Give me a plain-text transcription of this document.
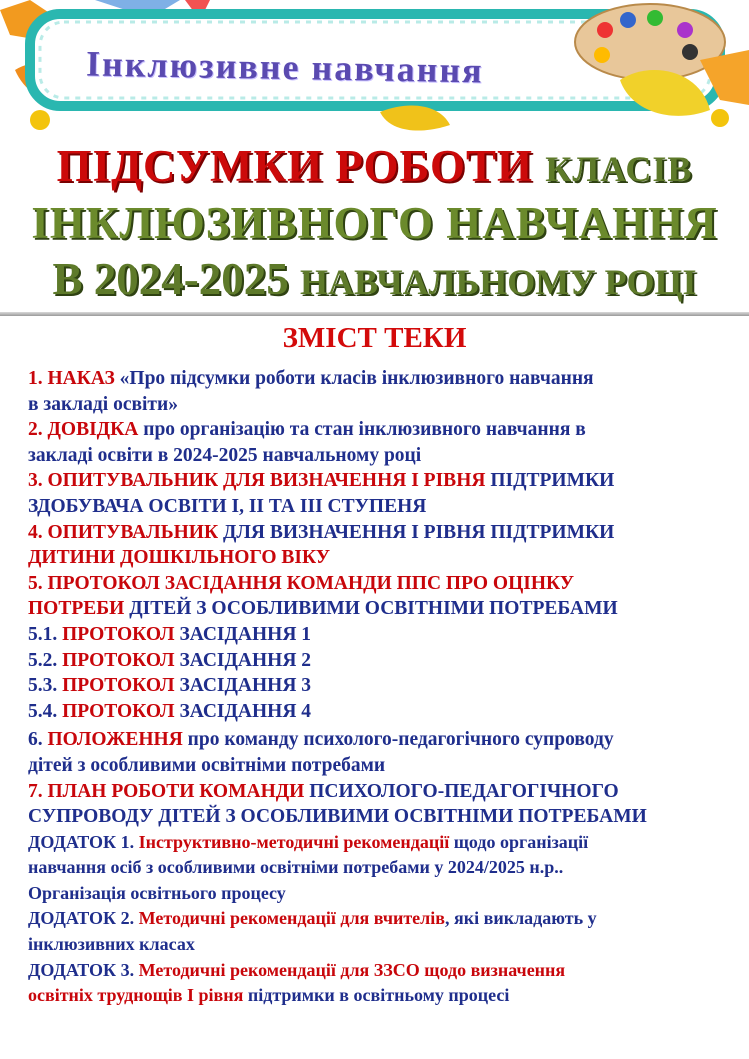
Інклюзивне навчання
ПІДСУМКИ РОБОТИ КЛАСІВ
ІНКЛЮЗИВНОГО НАВЧАННЯ
В 2024-2025 НАВЧАЛЬНОМУ РОЦІ
ЗМІСТ ТЕКИ

1. НАКАЗ «Про підсумки роботи класів інклюзивного навчання

в закладі освіти»

2. ДОВІДКА про організацію та стан інклюзивного навчання в

закладі освіти в 2024-2025 навчальному році

3. ОПИТУВАЛЬНИК ДЛЯ ВИЗНАЧЕННЯ І РІВНЯ ПІДТРИМКИ

ЗДОБУВАЧА ОСВІТИ І, ІІ ТА ІІІ СТУПЕНЯ

4. ОПИТУВАЛЬНИК ДЛЯ ВИЗНАЧЕННЯ І РІВНЯ ПІДТРИМКИ

ДИТИНИ ДОШКІЛЬНОГО ВІКУ

5. ПРОТОКОЛ ЗАСІДАННЯ КОМАНДИ ППС ПРО ОЦІНКУ

ПОТРЕБИ ДІТЕЙ З ОСОБЛИВИМИ ОСВІТНІМИ ПОТРЕБАМИ

5.1. ПРОТОКОЛ ЗАСІДАННЯ 1

5.2. ПРОТОКОЛ ЗАСІДАННЯ 2

5.3. ПРОТОКОЛ ЗАСІДАННЯ 3

5.4. ПРОТОКОЛ ЗАСІДАННЯ 4

6. ПОЛОЖЕННЯ про команду психолого-педагогічного супроводу

дітей з особливими освітніми потребами

7. ПЛАН РОБОТИ КОМАНДИ ПСИХОЛОГО-ПЕДАГОГІЧНОГО

СУПРОВОДУ ДІТЕЙ З ОСОБЛИВИМИ ОСВІТНІМИ ПОТРЕБАМИ

ДОДАТОК 1. Інструктивно-методичні рекомендації щодо організації

навчання осіб з особливими освітніми потребами у 2024/2025 н.р..

Організація освітнього процесу

ДОДАТОК 2. Методичні рекомендації для вчителів, які викладають у

інклюзивних класах

ДОДАТОК 3. Методичні рекомендації для ЗЗСО щодо визначення

освітніх труднощів І рівня підтримки в освітньому процесі
